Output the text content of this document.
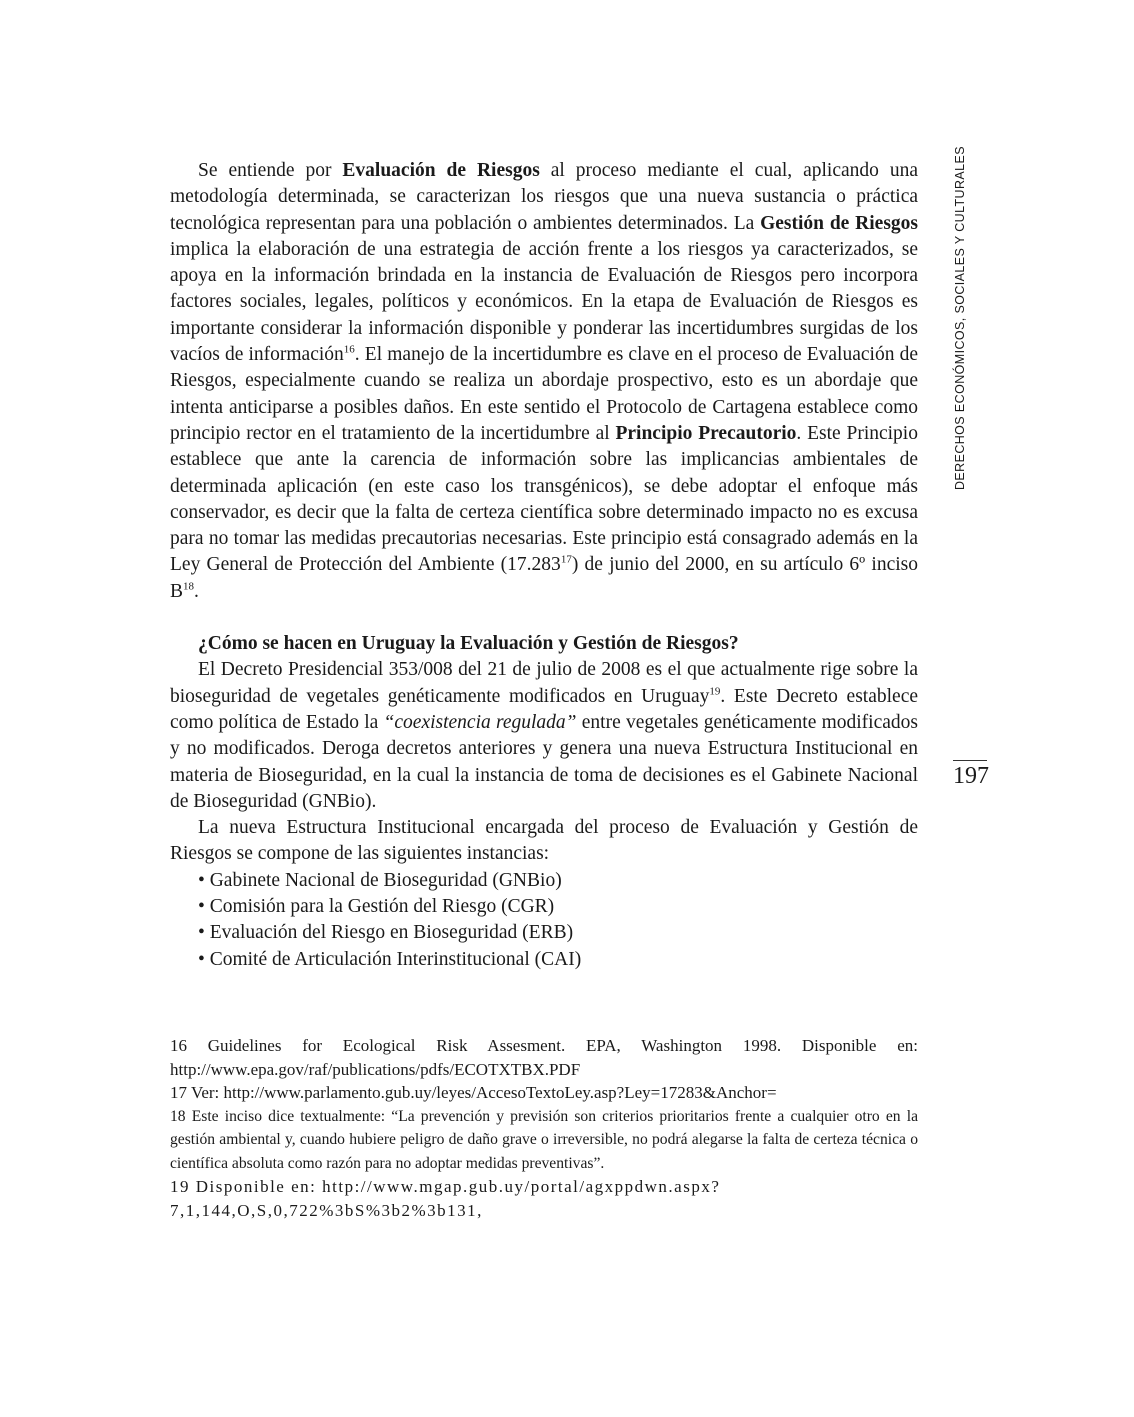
DERECHOS ECONÓMICOS, SOCIALES Y CULTURALES
197

Se entiende por Evaluación de Riesgos al proceso mediante el cual, aplicando una metodología determinada, se caracterizan los riesgos que una nueva sustancia o práctica tecnológica representan para una población o ambientes determinados. La Gestión de Riesgos implica la elaboración de una estrategia de acción frente a los riesgos ya caracterizados, se apoya en la información brindada en la instancia de Evaluación de Riesgos pero incorpora factores sociales, legales, políticos y económicos. En la etapa de Evaluación de Riesgos es importante considerar la información disponible y ponderar las incertidumbres surgidas de los vacíos de información$^{16}$. El manejo de la incertidumbre es clave en el proceso de Evaluación de Riesgos, especialmente cuando se realiza un abordaje prospectivo, esto es un abordaje que intenta anticiparse a posibles daños. En este sentido el Protocolo de Cartagena establece como principio rector en el tratamiento de la incertidumbre al Principio Precautorio. Este Principio establece que ante la carencia de información sobre las implicancias ambientales de determinada aplicación (en este caso los transgénicos), se debe adoptar el enfoque más conservador, es decir que la falta de certeza científica sobre determinado impacto no es excusa para no tomar las medidas precautorias necesarias. Este principio está consagrado además en la Ley General de Protección del Ambiente (17.283$^{17}$) de junio del 2000, en su artículo 6º inciso $B^{18}$.

¿Cómo se hacen en Uruguay la Evaluación y Gestión de Riesgos?

El Decreto Presidencial 353/008 del 21 de julio de 2008 es el que actualmente rige sobre la bioseguridad de vegetales genéticamente modificados en Uruguay$^{19}$. Este Decreto establece como política de Estado la “coexistencia regulada” entre vegetales genéticamente modificados y no modificados. Deroga decretos anteriores y genera una nueva Estructura Institucional en materia de Bioseguridad, en la cual la instancia de toma de decisiones es el Gabinete Nacional de Bioseguridad (GNBio).

La nueva Estructura Institucional encargada del proceso de Evaluación y Gestión de Riesgos se compone de las siguientes instancias:

• Gabinete Nacional de Bioseguridad (GNBio)
• Comisión para la Gestión del Riesgo (CGR)
• Evaluación del Riesgo en Bioseguridad (ERB)
• Comité de Articulación Interinstitucional (CAI)

16 Guidelines for Ecological Risk Assesment. EPA, Washington 1998. Disponible en: http://www.epa.gov/raf/publications/pdfs/ECOTXTBX.PDF

17 Ver: http://www.parlamento.gub.uy/leyes/AccesoTextoLey.asp?Ley=17283&Anchor=

18 Este inciso dice textualmente: “La prevención y previsión son criterios prioritarios frente a cualquier otro en la gestión ambiental y, cuando hubiere peligro de daño grave o irreversible, no podrá alegarse la falta de certeza técnica o científica absoluta como razón para no adoptar medidas preventivas”.

19 Disponible en: http://www.mgap.gub.uy/portal/agxppdwn.aspx?7,1,144,O,S,0,722%3bS%3b2%3b131,
